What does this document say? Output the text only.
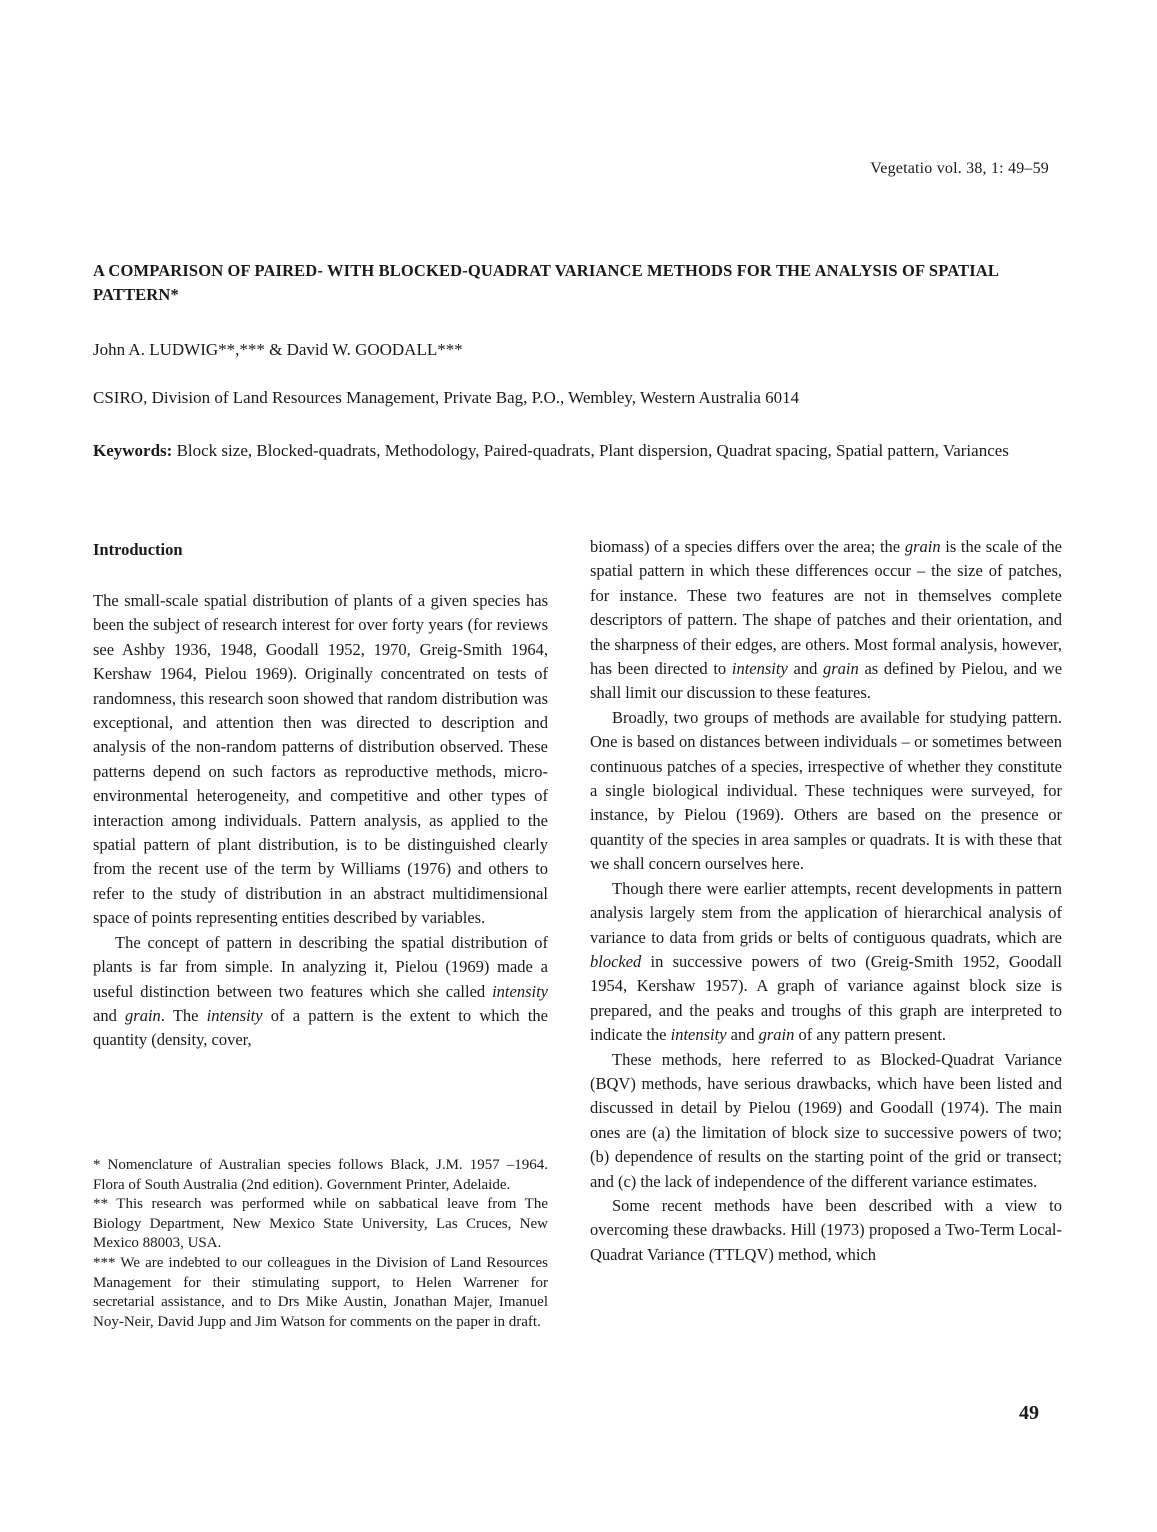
Vegetatio vol. 38, 1: 49–59
A COMPARISON OF PAIRED- WITH BLOCKED-QUADRAT VARIANCE METHODS FOR THE ANALYSIS OF SPATIAL PATTERN*
John A. LUDWIG**,*** & David W. GOODALL***
CSIRO, Division of Land Resources Management, Private Bag, P.O., Wembley, Western Australia 6014

Keywords: Block size, Blocked-quadrats, Methodology, Paired-quadrats, Plant dispersion, Quadrat spacing, Spatial pattern, Variances

Introduction

The small-scale spatial distribution of plants of a given species has been the subject of research interest for over forty years (for reviews see Ashby 1936, 1948, Goodall 1952, 1970, Greig-Smith 1964, Kershaw 1964, Pielou 1969). Originally concentrated on tests of randomness, this research soon showed that random distribution was exceptional, and attention then was directed to description and analysis of the non-random patterns of distribution observed. These patterns depend on such factors as reproductive methods, micro-environmental heterogeneity, and competitive and other types of interaction among individuals. Pattern analysis, as applied to the spatial pattern of plant distribution, is to be distinguished clearly from the recent use of the term by Williams (1976) and others to refer to the study of distribution in an abstract multidimensional space of points representing entities described by variables.

The concept of pattern in describing the spatial distribution of plants is far from simple. In analyzing it, Pielou (1969) made a useful distinction between two features which she called intensity and grain. The intensity of a pattern is the extent to which the quantity (density, cover,

* Nomenclature of Australian species follows Black, J.M. 1957 –1964. Flora of South Australia (2nd edition). Government Printer, Adelaide.

** This research was performed while on sabbatical leave from The Biology Department, New Mexico State University, Las Cruces, New Mexico 88003, USA.

*** We are indebted to our colleagues in the Division of Land Resources Management for their stimulating support, to Helen Warrener for secretarial assistance, and to Drs Mike Austin, Jonathan Majer, Imanuel Noy-Neir, David Jupp and Jim Watson for comments on the paper in draft.

biomass) of a species differs over the area; the grain is the scale of the spatial pattern in which these differences occur – the size of patches, for instance. These two features are not in themselves complete descriptors of pattern. The shape of patches and their orientation, and the sharpness of their edges, are others. Most formal analysis, however, has been directed to intensity and grain as defined by Pielou, and we shall limit our discussion to these features.

Broadly, two groups of methods are available for studying pattern. One is based on distances between individuals – or sometimes between continuous patches of a species, irrespective of whether they constitute a single biological individual. These techniques were surveyed, for instance, by Pielou (1969). Others are based on the presence or quantity of the species in area samples or quadrats. It is with these that we shall concern ourselves here.

Though there were earlier attempts, recent developments in pattern analysis largely stem from the application of hierarchical analysis of variance to data from grids or belts of contiguous quadrats, which are blocked in successive powers of two (Greig-Smith 1952, Goodall 1954, Kershaw 1957). A graph of variance against block size is prepared, and the peaks and troughs of this graph are interpreted to indicate the intensity and grain of any pattern present.

These methods, here referred to as Blocked-Quadrat Variance (BQV) methods, have serious drawbacks, which have been listed and discussed in detail by Pielou (1969) and Goodall (1974). The main ones are (a) the limitation of block size to successive powers of two; (b) dependence of results on the starting point of the grid or transect; and (c) the lack of independence of the different variance estimates.

Some recent methods have been described with a view to overcoming these drawbacks. Hill (1973) proposed a Two-Term Local-Quadrat Variance (TTLQV) method, which

49
